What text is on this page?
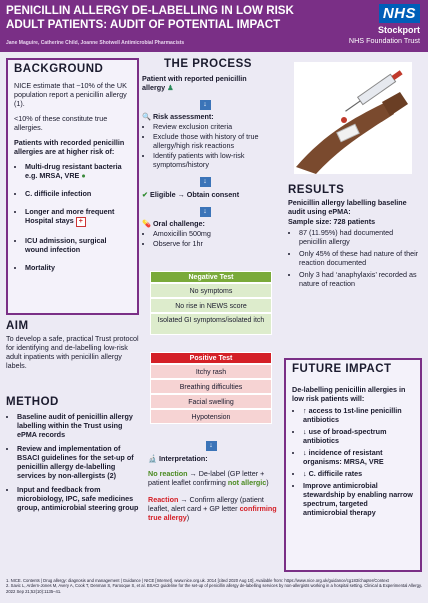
PENICILLIN ALLERGY DE-LABELLING IN LOW RISK
ADULT PATIENTS: AUDIT OF POTENTIAL IMPACT
Jane Maguire, Catherine Child, Joanne Shotwell Antimicrobial Pharmacists
NHS
Stockport
NHS Foundation Trust
BACKGROUND
NICE estimate that ~10% of the UK population report a penicillin allergy (1).
<10% of these constitute true allergies.
Patients with recorded penicillin allergies are at higher risk of:
• Multi-drug resistant bacteria e.g. MRSA, VRE ●
• C. difficile infection
• Longer and more frequent Hospital stays +
• ICU admission, surgical wound infection
• Mortality
AIM
To develop a safe, practical Trust protocol for identifying and de-labelling low-risk adult inpatients with penicillin allergy labels.
METHOD
• Baseline audit of penicillin allergy labelling within the Trust using ePMA records
• Review and implementation of BSACI guidelines for the set-up of penicillin allergy de-labelling services by non-allergists (2)
• Input and feedback from microbiology, IPC, safe medicines group, antimicrobial steering group
THE PROCESS
Patient with reported penicillin allergy ♟
↓
🔍 Risk assessment:
• Review exclusion criteria
• Exclude those with history of true allergy/high risk reactions
• Identify patients with low-risk symptoms/history
↓
✔ Eligible → Obtain consent
↓
💊 Oral challenge:
• Amoxicillin 500mg
• Observe for 1hr
Negative Test
No symptoms
No rise in NEWS score
Isolated GI symptoms/isolated itch
Positive Test
Itchy rash
Breathing difficulties
Facial swelling
Hypotension
↓
🔬 Interpretation:
No reaction → De-label (GP letter + patient leaflet confirming not allergic)
Reaction → Confirm allergy (patient leaflet, alert card + GP letter confirming true allergy)
RESULTS
Penicillin allergy labelling baseline audit using ePMA:
Sample size: 728 patients
• 87 (11.95%) had documented penicillin allergy
• Only 45% of these had nature of their reaction documented
• Only 3 had ‘anaphylaxis’ recorded as nature of reaction
FUTURE IMPACT
De-labelling penicillin allergies in low risk patients will:
• ↑ access to 1st-line penicillin antibiotics
• ↓ use of broad-spectrum antibiotics
• ↓ incidence of resistant organisms: MRSA, VRE
• ↓ C. difficile rates
• Improve antimicrobial stewardship by enabling narrow spectrum, targeted antimicrobial therapy
1. NICE. Contents | Drug allergy: diagnosis and management | Guidance | NICE [Internet]. www.nice.org.uk. 2014 [cited 2020 Aug 10]. Available from: https://www.nice.org.uk/guidance/cg183/chapter/Context
2. Savic L, Ardern-Jones M, Avery A, Cook T, Denman S, Farooque S, et al. BSACI guideline for the set-up of penicillin allergy de-labelling services by non-allergists working in a hospital setting. Clinical & Experimental Allergy. 2022 Sep 21;52(10):1135–41.
